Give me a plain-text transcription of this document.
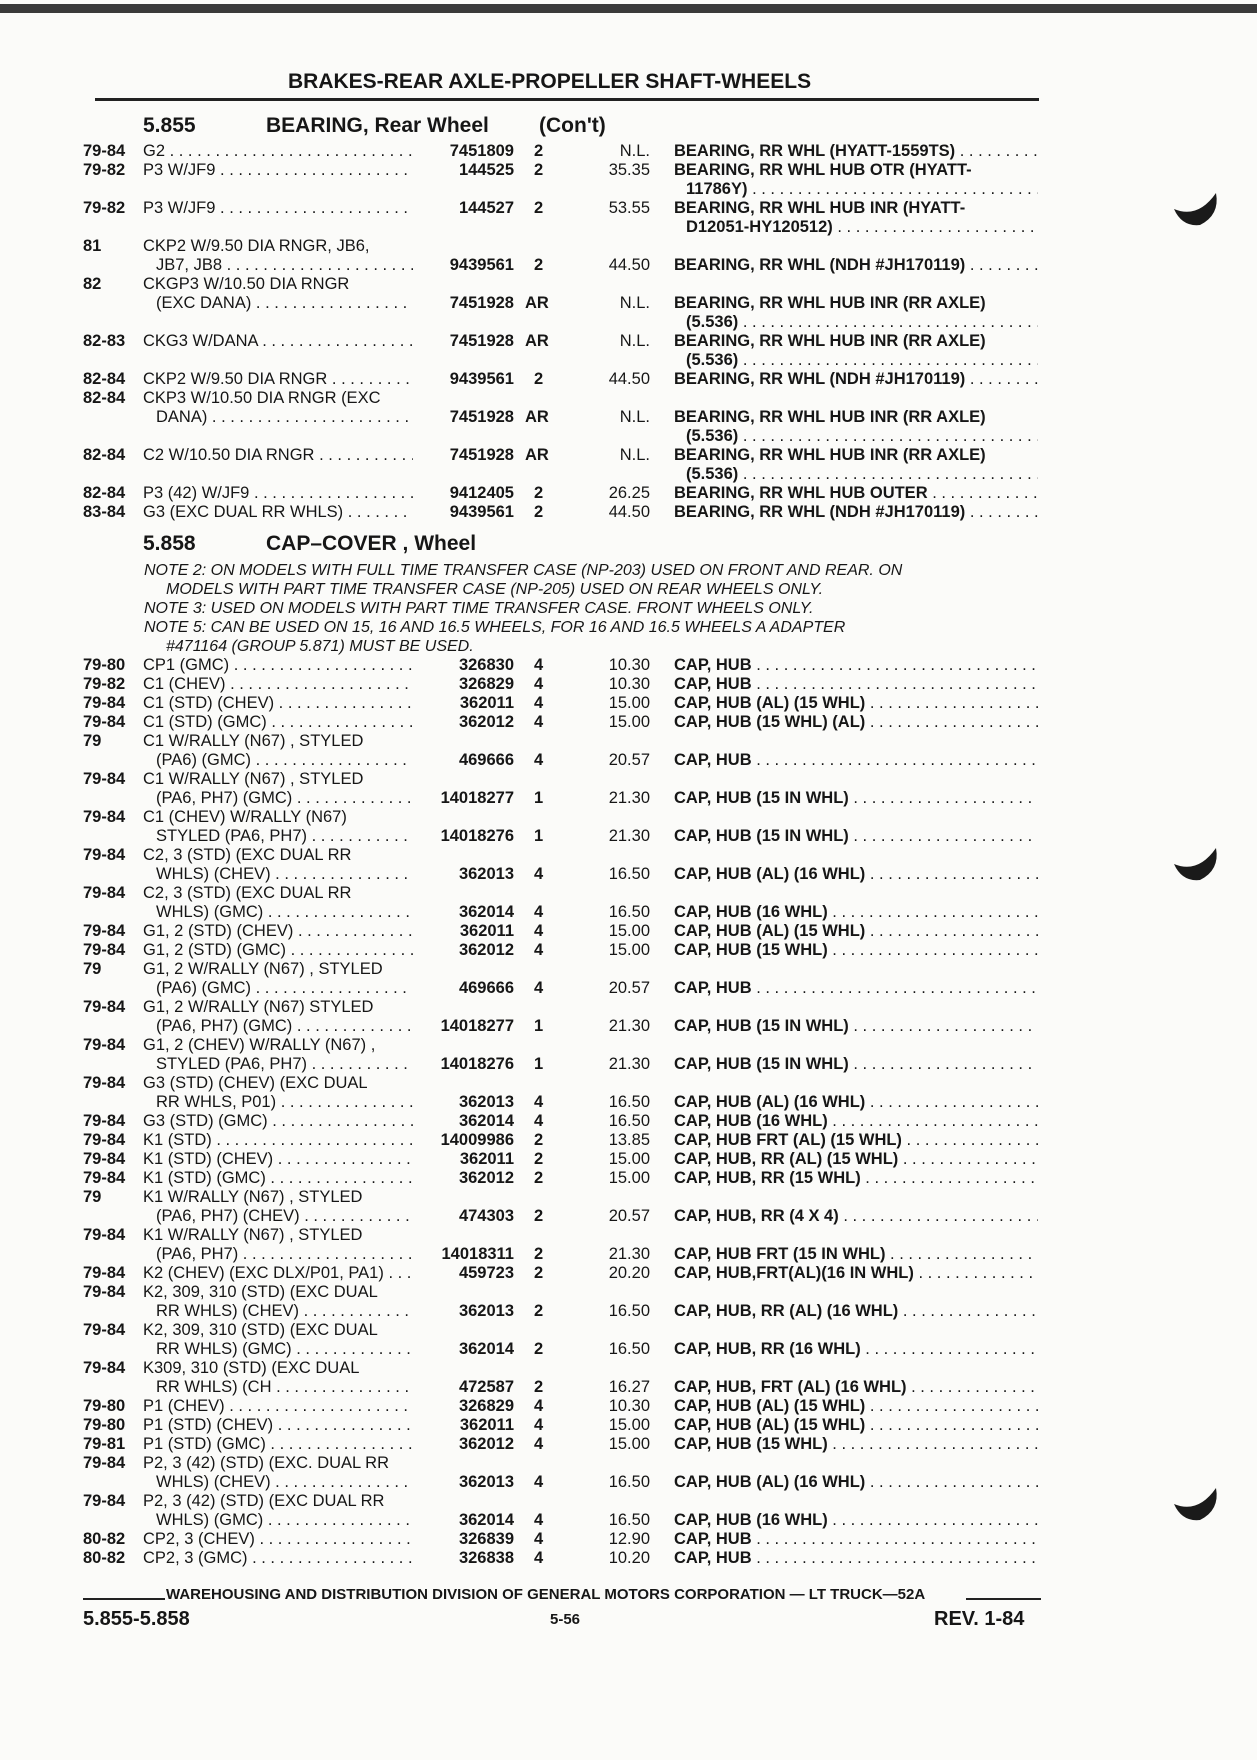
BRAKES-REAR AXLE-PROPELLER SHAFT-WHEELS
5.855	BEARING, Rear Wheel (Con't)
5.858	CAP–COVER , Wheel
NOTE 2: ON MODELS WITH FULL TIME TRANSFER CASE (NP-203) USED ON FRONT AND REAR. ON
MODELS WITH PART TIME TRANSFER CASE (NP-205) USED ON REAR WHEELS ONLY.
NOTE 3: USED ON MODELS WITH PART TIME TRANSFER CASE. FRONT WHEELS ONLY.
NOTE 5: CAN BE USED ON 15, 16 AND 16.5 WHEELS, FOR 16 AND 16.5 WHEELS A ADAPTER
#471164 (GROUP 5.871) MUST BE USED.
79-84 G2 . . .	7451809 2	N.L. BEARING, RR WHL (HYATT-1559TS) . . .
79-82 P3 W/JF9 . . .	144525 2	35.35 BEARING, RR WHL HUB OTR (HYATT-
11786Y) . . .
79-82 P3 W/JF9 . . .	144527 2	53.55 BEARING, RR WHL HUB INR (HYATT-
D12051-HY120512) . . .
81	CKP2 W/9.50 DIA RNGR, JB6,
JB7, JB8 . . .	9439561 2	44.50 BEARING, RR WHL (NDH #JH170119) . . .
82	CKGP3 W/10.50 DIA RNGR
(EXC DANA) . . .	7451928 AR	N.L. BEARING, RR WHL HUB INR (RR AXLE)
(5.536) . . .
82-83 CKG3 W/DANA . . .	7451928 AR	N.L. BEARING, RR WHL HUB INR (RR AXLE)
(5.536) . . .
82-84 CKP2 W/9.50 DIA RNGR . . .	9439561 2	44.50 BEARING, RR WHL (NDH #JH170119) . . .
82-84 CKP3 W/10.50 DIA RNGR (EXC
DANA) . . .	7451928 AR	N.L. BEARING, RR WHL HUB INR (RR AXLE)
(5.536) . . .
82-84 C2 W/10.50 DIA RNGR . . .	7451928 AR	N.L. BEARING, RR WHL HUB INR (RR AXLE)
(5.536) . . .
82-84 P3 (42) W/JF9 . . .	9412405 2	26.25 BEARING, RR WHL HUB OUTER . . .
83-84 G3 (EXC DUAL RR WHLS) . . .	9439561 2	44.50 BEARING, RR WHL (NDH #JH170119) . . .
79-80 CP1 (GMC) . . .	326830 4	10.30 CAP, HUB . . .
79-82 C1 (CHEV) . . .	326829 4	10.30 CAP, HUB . . .
79-84 C1 (STD) (CHEV) . . .	362011 4	15.00 CAP, HUB (AL) (15 WHL) . . .
79-84 C1 (STD) (GMC) . . .	362012 4	15.00 CAP, HUB (15 WHL) (AL) . . .
79	C1 W/RALLY (N67) , STYLED
(PA6) (GMC) . . .	469666 4	20.57 CAP, HUB . . .
79-84 C1 W/RALLY (N67) , STYLED
(PA6, PH7) (GMC) . . .	14018277 1	21.30 CAP, HUB (15 IN WHL) . . .
79-84 C1 (CHEV) W/RALLY (N67)
STYLED (PA6, PH7) . . .	14018276 1	21.30 CAP, HUB (15 IN WHL) . . .
79-84 C2, 3 (STD) (EXC DUAL RR
WHLS) (CHEV) . . .	362013 4	16.50 CAP, HUB (AL) (16 WHL) . . .
79-84 C2, 3 (STD) (EXC DUAL RR
WHLS) (GMC) . . .	362014 4	16.50 CAP, HUB (16 WHL) . . .
79-84 G1, 2 (STD) (CHEV) . . .	362011 4	15.00 CAP, HUB (AL) (15 WHL) . . .
79-84 G1, 2 (STD) (GMC) . . .	362012 4	15.00 CAP, HUB (15 WHL) . . .
79	G1, 2 W/RALLY (N67) , STYLED
(PA6) (GMC) . . .	469666 4	20.57 CAP, HUB . . .
79-84 G1, 2 W/RALLY (N67) STYLED
(PA6, PH7) (GMC) . . .	14018277 1	21.30 CAP, HUB (15 IN WHL) . . .
79-84 G1, 2 (CHEV) W/RALLY (N67) ,
STYLED (PA6, PH7) . . .	14018276 1	21.30 CAP, HUB (15 IN WHL) . . .
79-84 G3 (STD) (CHEV) (EXC DUAL
RR WHLS, P01) . . .	362013 4	16.50 CAP, HUB (AL) (16 WHL) . . .
79-84 G3 (STD) (GMC) . . .	362014 4	16.50 CAP, HUB (16 WHL) . . .
79-84 K1 (STD) . . .	14009986 2	13.85 CAP, HUB FRT (AL) (15 WHL) . . .
79-84 K1 (STD) (CHEV) . . .	362011 2	15.00 CAP, HUB, RR (AL) (15 WHL) . . .
79-84 K1 (STD) (GMC) . . .	362012 2	15.00 CAP, HUB, RR (15 WHL) . . .
79	K1 W/RALLY (N67) , STYLED
(PA6, PH7) (CHEV) . . .	474303 2	20.57 CAP, HUB, RR (4 X 4) . . .
79-84 K1 W/RALLY (N67) , STYLED
(PA6, PH7) . . .	14018311 2	21.30 CAP, HUB FRT (15 IN WHL) . . .
79-84 K2 (CHEV) (EXC DLX/P01, PA1) . . .	459723 2	20.20 CAP, HUB,FRT(AL)(16 IN WHL) . . .
79-84 K2, 309, 310 (STD) (EXC DUAL
RR WHLS) (CHEV) . . .	362013 2	16.50 CAP, HUB, RR (AL) (16 WHL) . . .
79-84 K2, 309, 310 (STD) (EXC DUAL
RR WHLS) (GMC) . . .	362014 2	16.50 CAP, HUB, RR (16 WHL) . . .
79-84 K309, 310 (STD) (EXC DUAL
RR WHLS) (CH . . .	472587 2	16.27 CAP, HUB, FRT (AL) (16 WHL) . . .
79-80 P1 (CHEV) . . .	326829 4	10.30 CAP, HUB (AL) (15 WHL) . . .
79-80 P1 (STD) (CHEV) . . .	362011 4	15.00 CAP, HUB (AL) (15 WHL) . . .
79-81 P1 (STD) (GMC) . . .	362012 4	15.00 CAP, HUB (15 WHL) . . .
79-84 P2, 3 (42) (STD) (EXC. DUAL RR
WHLS) (CHEV) . . .	362013 4	16.50 CAP, HUB (AL) (16 WHL) . . .
79-84 P2, 3 (42) (STD) (EXC DUAL RR
WHLS) (GMC) . . .	362014 4	16.50 CAP, HUB (16 WHL) . . .
80-82 CP2, 3 (CHEV) . . .	326839 4	12.90 CAP, HUB . . .
80-82 CP2, 3 (GMC) . . .	326838 4	10.20 CAP, HUB . . .
WAREHOUSING AND DISTRIBUTION DIVISION OF GENERAL MOTORS CORPORATION — LT TRUCK—52A
5.855-5.858	5-56	REV. 1-84
